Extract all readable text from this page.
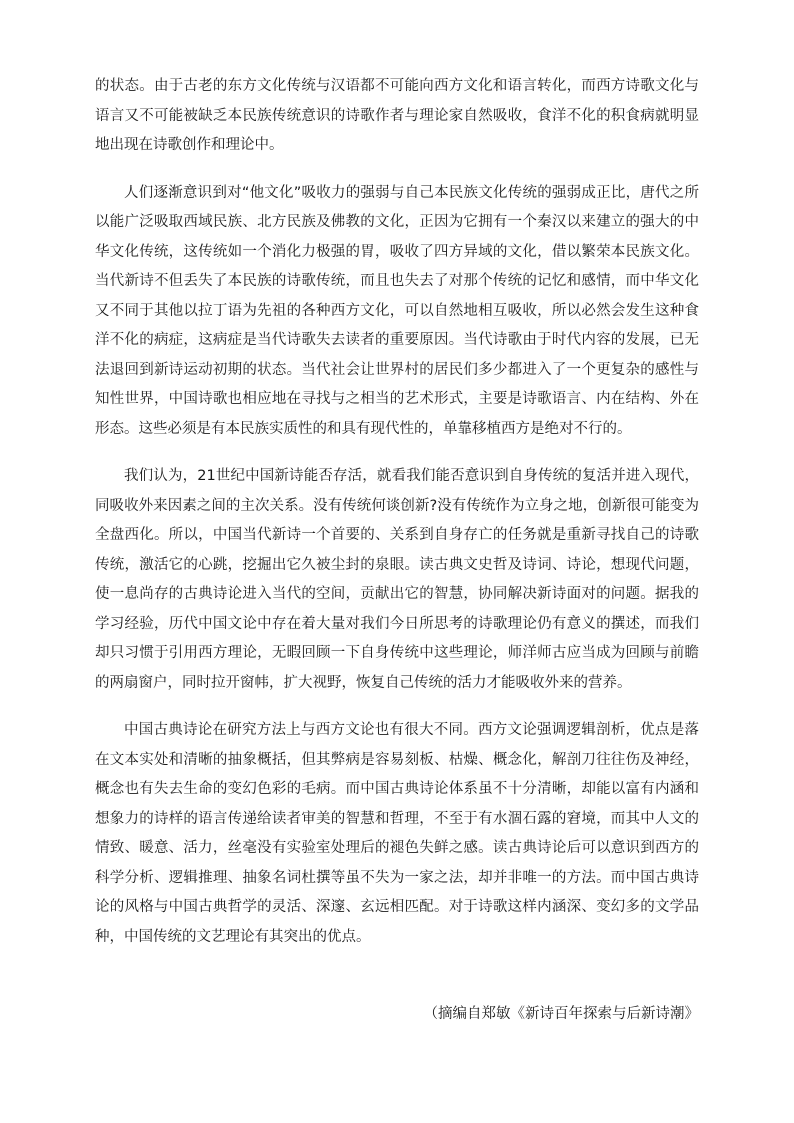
的状态。由于古老的东方文化传统与汉语都不可能向西方文化和语言转化，而西方诗歌文化与语言又不可能被缺乏本民族传统意识的诗歌作者与理论家自然吸收，食洋不化的积食病就明显地出现在诗歌创作和理论中。

人们逐渐意识到对“他文化”吸收力的强弱与自己本民族文化传统的强弱成正比，唐代之所以能广泛吸取西域民族、北方民族及佛教的文化，正因为它拥有一个秦汉以来建立的强大的中华文化传统，这传统如一个消化力极强的胃，吸收了四方异域的文化，借以繁荣本民族文化。当代新诗不但丢失了本民族的诗歌传统，而且也失去了对那个传统的记忆和感情，而中华文化又不同于其他以拉丁语为先祖的各种西方文化，可以自然地相互吸收，所以必然会发生这种食洋不化的病症，这病症是当代诗歌失去读者的重要原因。当代诗歌由于时代内容的发展，已无法退回到新诗运动初期的状态。当代社会让世界村的居民们多少都进入了一个更复杂的感性与知性世界，中国诗歌也相应地在寻找与之相当的艺术形式，主要是诗歌语言、内在结构、外在形态。这些必须是有本民族实质性的和具有现代性的，单靠移植西方是绝对不行的。

我们认为，21世纪中国新诗能否存活，就看我们能否意识到自身传统的复活并进入现代，同吸收外来因素之间的主次关系。没有传统何谈创新?没有传统作为立身之地，创新很可能变为全盘西化。所以，中国当代新诗一个首要的、关系到自身存亡的任务就是重新寻找自己的诗歌传统，激活它的心跳，挖掘出它久被尘封的泉眼。读古典文史哲及诗词、诗论，想现代问题，使一息尚存的古典诗论进入当代的空间，贡献出它的智慧，协同解决新诗面对的问题。据我的学习经验，历代中国文论中存在着大量对我们今日所思考的诗歌理论仍有意义的撰述，而我们却只习惯于引用西方理论，无暇回顾一下自身传统中这些理论，师洋师古应当成为回顾与前瞻的两扇窗户，同时拉开窗帏，扩大视野，恢复自己传统的活力才能吸收外来的营养。

中国古典诗论在研究方法上与西方文论也有很大不同。西方文论强调逻辑剖析，优点是落在文本实处和清晰的抽象概括，但其弊病是容易刻板、枯燥、概念化，解剖刀往往伤及神经，概念也有失去生命的变幻色彩的毛病。而中国古典诗论体系虽不十分清晰，却能以富有内涵和想象力的诗样的语言传递给读者审美的智慧和哲理，不至于有水涸石露的窘境，而其中人文的情致、暖意、活力，丝毫没有实验室处理后的褪色失鲜之感。读古典诗论后可以意识到西方的科学分析、逻辑推理、抽象名词杜撰等虽不失为一家之法，却并非唯一的方法。而中国古典诗论的风格与中国古典哲学的灵活、深邃、玄远相匹配。对于诗歌这样内涵深、变幻多的文学品种，中国传统的文艺理论有其突出的优点。

（摘编自郑敏《新诗百年探索与后新诗潮》
